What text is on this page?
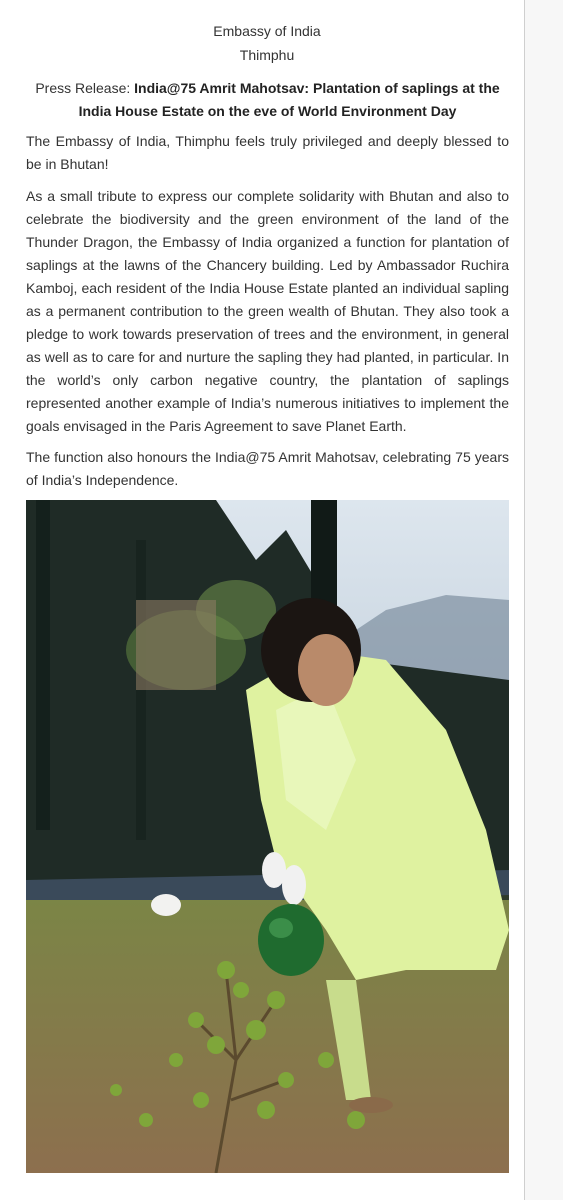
Embassy of India
Thimphu
Press Release: India@75 Amrit Mahotsav: Plantation of saplings at the India House Estate on the eve of World Environment Day

The Embassy of India, Thimphu feels truly privileged and deeply blessed to be in Bhutan!

As a small tribute to express our complete solidarity with Bhutan and also to celebrate the biodiversity and the green environment of the land of the Thunder Dragon, the Embassy of India organized a function for plantation of saplings at the lawns of the Chancery building. Led by Ambassador Ruchira Kamboj, each resident of the India House Estate planted an individual sapling as a permanent contribution to the green wealth of Bhutan. They also took a pledge to work towards preservation of trees and the environment, in general as well as to care for and nurture the sapling they had planted, in particular. In the world’s only carbon negative country, the plantation of saplings represented another example of India’s numerous initiatives to implement the goals envisaged in the Paris Agreement to save Planet Earth.

The function also honours the India@75 Amrit Mahotsav, celebrating 75 years of India’s Independence.
